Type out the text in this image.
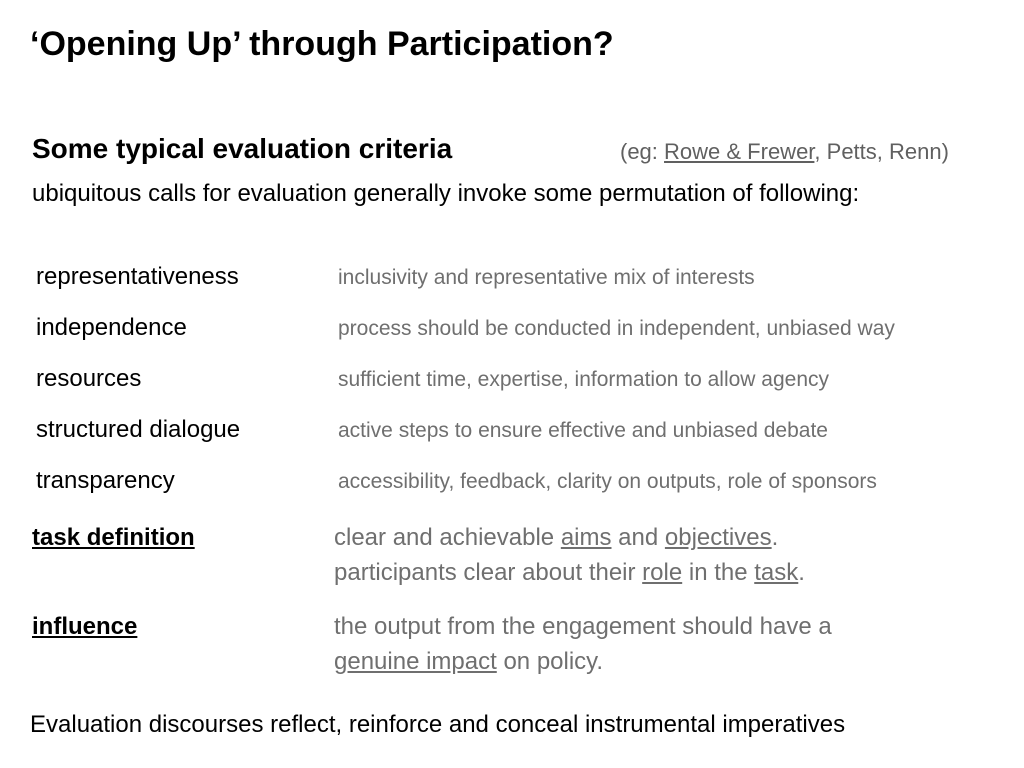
‘Opening Up’ through Participation?
Some typical evaluation criteria	(eg: Rowe & Frewer, Petts, Renn)
ubiquitous calls for evaluation generally invoke some permutation of following:
representativeness	inclusivity and representative mix of interests
independence	process should be conducted in independent, unbiased way
resources	sufficient time, expertise, information to allow agency
structured dialogue	active steps to ensure effective and unbiased debate
transparency	accessibility, feedback, clarity on outputs, role of sponsors
task definition	clear and achievable aims and objectives.
participants clear about their role in the task.
influence	the output from the engagement should have a
genuine impact on policy.
Evaluation discourses reflect, reinforce and conceal instrumental imperatives
